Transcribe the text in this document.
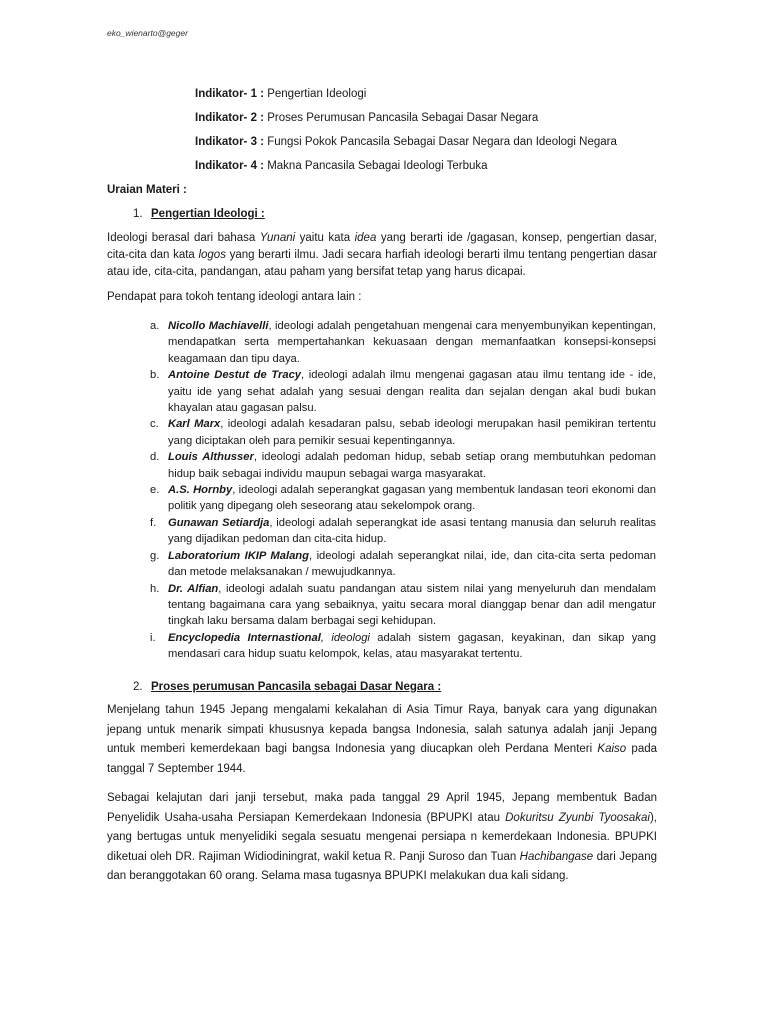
eko_wienarto@geger
Indikator- 1 : Pengertian Ideologi
Indikator- 2 : Proses Perumusan Pancasila Sebagai Dasar Negara
Indikator- 3 : Fungsi Pokok Pancasila Sebagai Dasar Negara dan Ideologi Negara
Indikator- 4 : Makna Pancasila Sebagai Ideologi Terbuka
Uraian Materi :
1. Pengertian Ideologi :

Ideologi berasal dari bahasa Yunani yaitu kata idea yang berarti ide /gagasan, konsep, pengertian dasar, cita-cita dan kata logos yang berarti ilmu. Jadi secara harfiah ideologi berarti ilmu tentang pengertian dasar atau ide, cita-cita, pandangan, atau paham yang bersifat tetap yang harus dicapai.

Pendapat para tokoh tentang ideologi antara lain :

a. Nicollo Machiavelli, ideologi adalah pengetahuan mengenai cara menyembunyikan kepentingan, mendapatkan serta mempertahankan kekuasaan dengan memanfaatkan konsepsi-konsepsi keagamaan dan tipu daya.
b. Antoine Destut de Tracy, ideologi adalah ilmu mengenai gagasan atau ilmu tentang ide - ide, yaitu ide yang sehat adalah yang sesuai dengan realita dan sejalan dengan akal budi bukan khayalan atau gagasan palsu.
c. Karl Marx, ideologi adalah kesadaran palsu, sebab ideologi merupakan hasil pemikiran tertentu yang diciptakan oleh para pemikir sesuai kepentingannya.
d. Louis Althusser, ideologi adalah pedoman hidup, sebab setiap orang membutuhkan pedoman hidup baik sebagai individu maupun sebagai warga masyarakat.
e. A.S. Hornby, ideologi adalah seperangkat gagasan yang membentuk landasan teori ekonomi dan politik yang dipegang oleh seseorang atau sekelompok orang.
f. Gunawan Setiardja, ideologi adalah seperangkat ide asasi tentang manusia dan seluruh realitas yang dijadikan pedoman dan cita-cita hidup.
g. Laboratorium IKIP Malang, ideologi adalah seperangkat nilai, ide, dan cita-cita serta pedoman dan metode melaksanakan / mewujudkannya.
h. Dr. Alfian, ideologi adalah suatu pandangan atau sistem nilai yang menyeluruh dan mendalam tentang bagaimana cara yang sebaiknya, yaitu secara moral dianggap benar dan adil mengatur tingkah laku bersama dalam berbagai segi kehidupan.
i. Encyclopedia Internastional, ideologi adalah sistem gagasan, keyakinan, dan sikap yang mendasari cara hidup suatu kelompok, kelas, atau masyarakat tertentu.
2. Proses perumusan Pancasila sebagai Dasar Negara :

Menjelang tahun 1945 Jepang mengalami kekalahan di Asia Timur Raya, banyak cara yang digunakan jepang untuk menarik simpati khususnya kepada bangsa Indonesia, salah satunya adalah janji Jepang untuk memberi kemerdekaan bagi bangsa Indonesia yang diucapkan oleh Perdana Menteri Kaiso pada tanggal 7 September 1944.

Sebagai kelajutan dari janji tersebut, maka pada tanggal 29 April 1945, Jepang membentuk Badan Penyelidik Usaha-usaha Persiapan Kemerdekaan Indonesia (BPUPKI atau Dokuritsu Zyunbi Tyoosakai), yang bertugas untuk menyelidiki segala sesuatu mengenai persiapa n kemerdekaan Indonesia. BPUPKI diketuai oleh DR. Rajiman Widiodiningrat, wakil ketua R. Panji Suroso dan Tuan Hachibangase dari Jepang dan beranggotakan 60 orang. Selama masa tugasnya BPUPKI melakukan dua kali sidang.
